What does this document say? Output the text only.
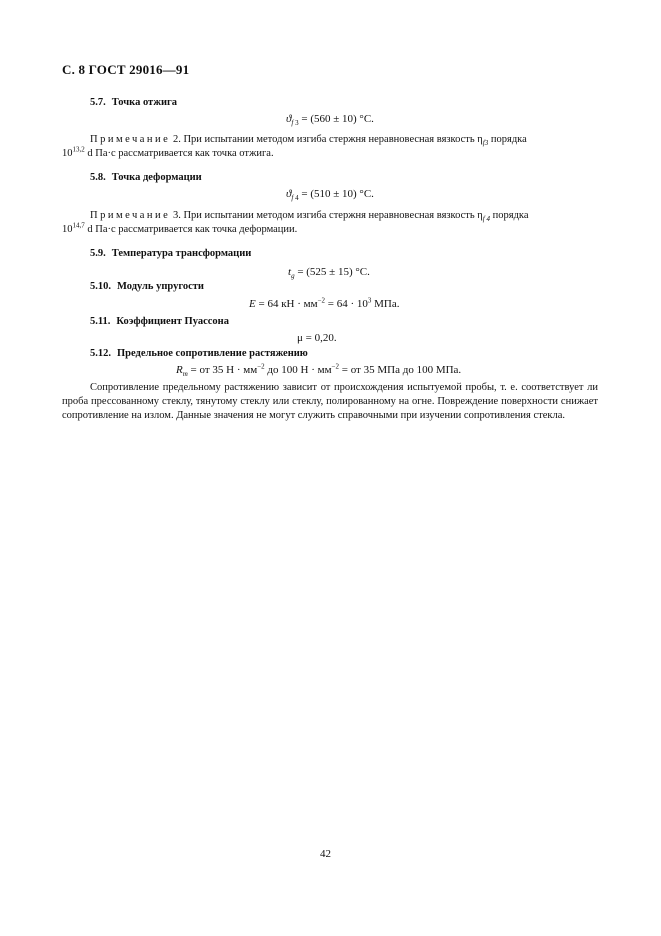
С. 8 ГОСТ 29016—91
5.7. Точка отжига
$ϑ_{f 3} = (560 \pm 10)$ °С.
Примечание 2. При испытании методом изгиба стержня неравновесная вязкость $\eta_{f3}$ порядка
10$^{13,2}$ d Па·с рассматривается как точка отжига.
5.8. Точка деформации
$ϑ_{f 4} = (510 \pm 10)$ °С.
Примечание 3. При испытании методом изгиба стержня неравновесная вязкость $\eta_{f 4}$ порядка
10$^{14,7}$ d Па·с рассматривается как точка деформации.
5.9. Температура трансформации
$t_g = (525 \pm 15)$ °С.
5.10. Модуль упругости
E = 64 кН · $мм^{-2} = 64 \cdot 10^3$ МПа.
5.11. Коэффициент Пуассона
μ = 0,20.
5.12. Предельное сопротивление растяжению
$R_m$ = от 35 $Н \cdot мм^{-2}$ до 100 $Н \cdot мм^{-2}$ = от 35 МПа до 100 МПа.
Сопротивление предельному растяжению зависит от происхождения испытуемой пробы, т. е. соответствует ли проба прессованному стеклу, тянутому стеклу или стеклу, полированному на огне. Повреждение поверхности снижает сопротивление на излом. Данные значения не могут служить справочными при изучении сопротивления стекла.
42
